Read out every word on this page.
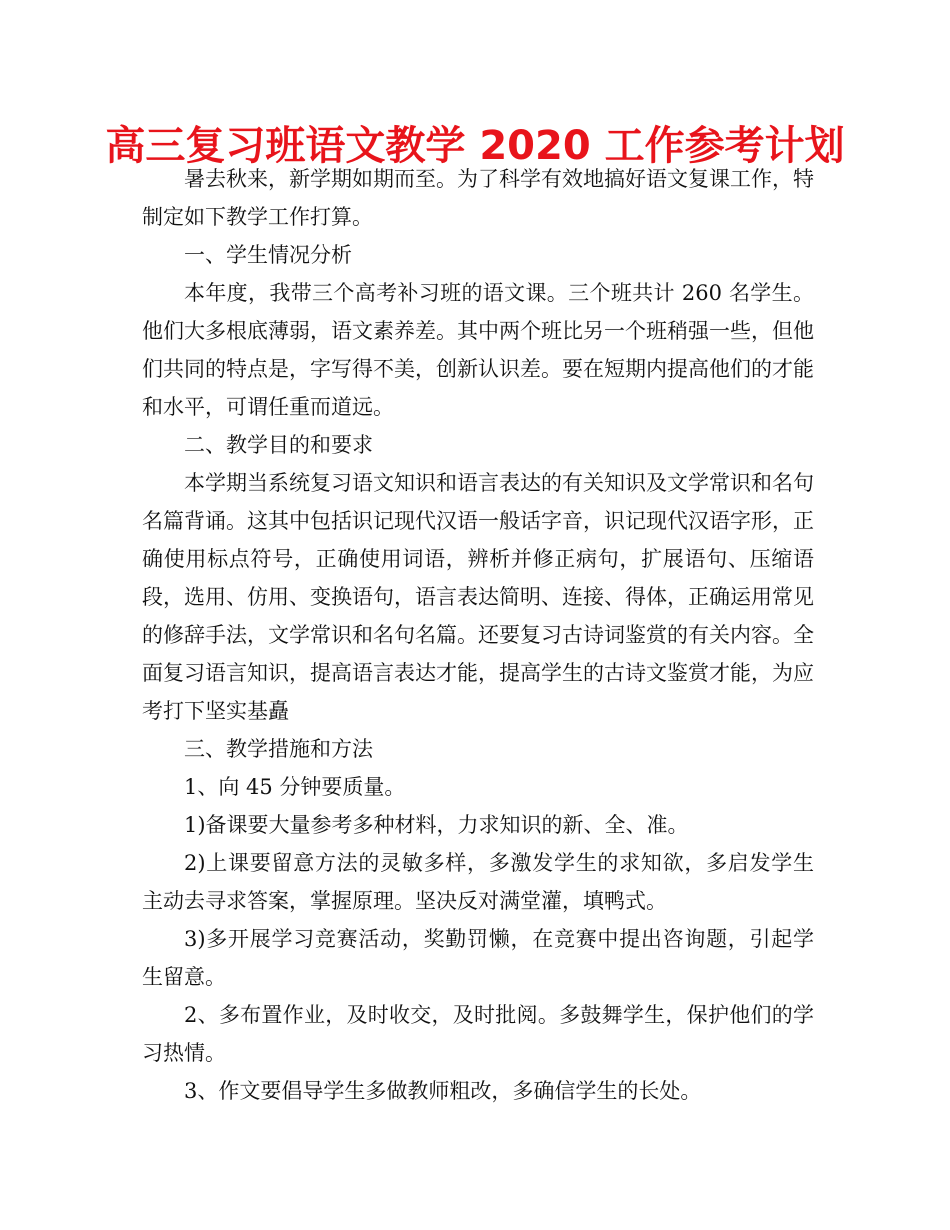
高三复习班语文教学 2020 工作参考计划

暑去秋来，新学期如期而至。为了科学有效地搞好语文复课工作，特制定如下教学工作打算。

一、学生情况分析

本年度，我带三个高考补习班的语文课。三个班共计 260 名学生。他们大多根底薄弱，语文素养差。其中两个班比另一个班稍强一些，但他们共同的特点是，字写得不美，创新认识差。要在短期内提高他们的才能和水平，可谓任重而道远。

二、教学目的和要求

本学期当系统复习语文知识和语言表达的有关知识及文学常识和名句名篇背诵。这其中包括识记现代汉语一般话字音，识记现代汉语字形，正确使用标点符号，正确使用词语，辨析并修正病句，扩展语句、压缩语段，选用、仿用、变换语句，语言表达简明、连接、得体，正确运用常见的修辞手法，文学常识和名句名篇。还要复习古诗词鉴赏的有关内容。全面复习语言知识，提高语言表达才能，提高学生的古诗文鉴赏才能，为应考打下坚实基矗

三、教学措施和方法

1、向 45 分钟要质量。

1)备课要大量参考多种材料，力求知识的新、全、准。

2)上课要留意方法的灵敏多样，多激发学生的求知欲，多启发学生主动去寻求答案，掌握原理。坚决反对满堂灌，填鸭式。

3)多开展学习竞赛活动，奖勤罚懒，在竞赛中提出咨询题，引起学生留意。

2、多布置作业，及时收交，及时批阅。多鼓舞学生，保护他们的学习热情。

3、作文要倡导学生多做教师粗改，多确信学生的长处。
